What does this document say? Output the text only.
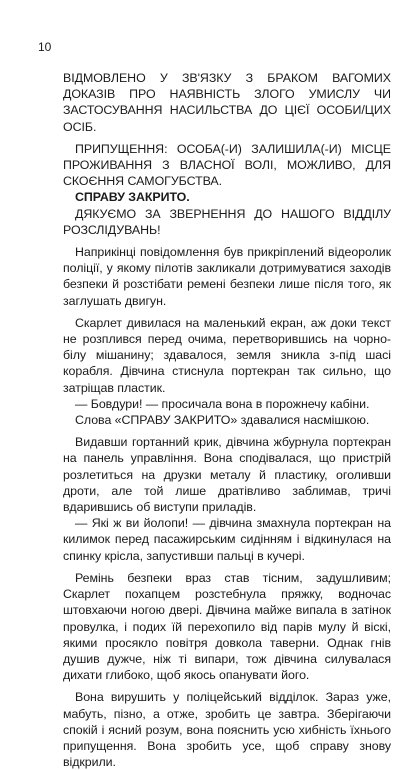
10

ВІДМОВЛЕНО У ЗВ'ЯЗКУ З БРАКОМ ВАГОМИХ ДОКАЗІВ ПРО НАЯВНІСТЬ ЗЛОГО УМИСЛУ ЧИ ЗАСТОСУВАННЯ НАСИЛЬСТВА ДО ЦІЄЇ ОСОБИ/ЦИХ ОСІБ.

ПРИПУЩЕННЯ: ОСОБА(-И) ЗАЛИШИЛА(-И) МІСЦЕ ПРОЖИВАННЯ З ВЛАСНОЇ ВОЛІ, МОЖЛИВО, ДЛЯ СКОЄННЯ САМОГУБСТВА.

СПРАВУ ЗАКРИТО.

ДЯКУЄМО ЗА ЗВЕРНЕННЯ ДО НАШОГО ВІДДІЛУ РОЗСЛІДУВАНЬ!

Наприкінці повідомлення був прикріплений відеоролик поліції, у якому пілотів закликали дотримуватися заходів безпеки й розстібати ремені безпеки лише після того, як заглушать двигун.

Скарлет дивилася на маленький екран, аж доки текст не розплився перед очима, перетворившись на чорно-білу мішанину; здавалося, земля зникла з-під шасі корабля. Дівчина стиснула портекран так сильно, що затріщав пластик.

— Бовдури! — просичала вона в порожнечу кабіни.

Слова «СПРАВУ ЗАКРИТО» здавалися насмішкою.

Видавши гортанний крик, дівчина жбурнула портекран на панель управління. Вона сподівалася, що пристрій розлетиться на друзки металу й пластику, оголивши дроти, але той лише дратівливо заблимав, тричі вдарившись об виступи приладів.

— Які ж ви йолопи! — дівчина змахнула портекран на килимок перед пасажирським сидінням і відкинулася на спинку крісла, запустивши пальці в кучері.

Ремінь безпеки враз став тісним, задушливим; Скарлет похапцем розстебнула пряжку, водночас штовхаючи ногою двері. Дівчина майже випала в затінок провулка, і подих їй перехопило від парів мулу й віскі, якими просякло повітря довкола таверни. Однак гнів душив дужче, ніж ті випари, тож дівчина силувалася дихати глибоко, щоб якось опанувати його.

Вона вирушить у поліцейський відділок. Зараз уже, мабуть, пізно, а отже, зробить це завтра. Зберігаючи спокій і ясний розум, вона пояснить усю хибність їхнього припущення. Вона зробить усе, щоб справу знову відкрили.
